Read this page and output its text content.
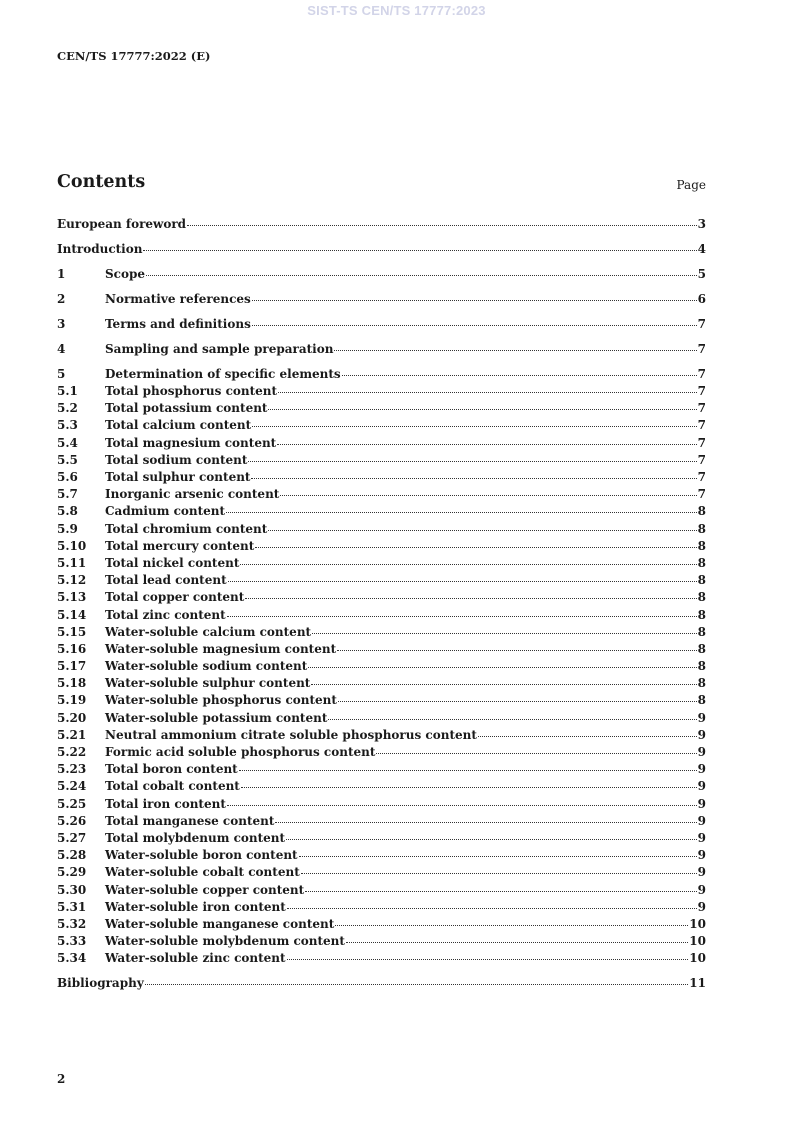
SIST-TS CEN/TS 17777:2023
CEN/TS 17777:2022 (E)
Contents	Page
European foreword	3
Introduction	4
1	Scope	5
2	Normative references	6
3	Terms and definitions	7
4	Sampling and sample preparation	7
5	Determination of specific elements	7
5.1	Total phosphorus content	7
5.2	Total potassium content	7
5.3	Total calcium content	7
5.4	Total magnesium content	7
5.5	Total sodium content	7
5.6	Total sulphur content	7
5.7	Inorganic arsenic content	7
5.8	Cadmium content	8
5.9	Total chromium content	8
5.10	Total mercury content	8
5.11	Total nickel content	8
5.12	Total lead content	8
5.13	Total copper content	8
5.14	Total zinc content	8
5.15	Water-soluble calcium content	8
5.16	Water-soluble magnesium content	8
5.17	Water-soluble sodium content	8
5.18	Water-soluble sulphur content	8
5.19	Water-soluble phosphorus content	8
5.20	Water-soluble potassium content	9
5.21	Neutral ammonium citrate soluble phosphorus content	9
5.22	Formic acid soluble phosphorus content	9
5.23	Total boron content	9
5.24	Total cobalt content	9
5.25	Total iron content	9
5.26	Total manganese content	9
5.27	Total molybdenum content	9
5.28	Water-soluble boron content	9
5.29	Water-soluble cobalt content	9
5.30	Water-soluble copper content	9
5.31	Water-soluble iron content	9
5.32	Water-soluble manganese content	10
5.33	Water-soluble molybdenum content	10
5.34	Water-soluble zinc content	10
Bibliography	11
2
